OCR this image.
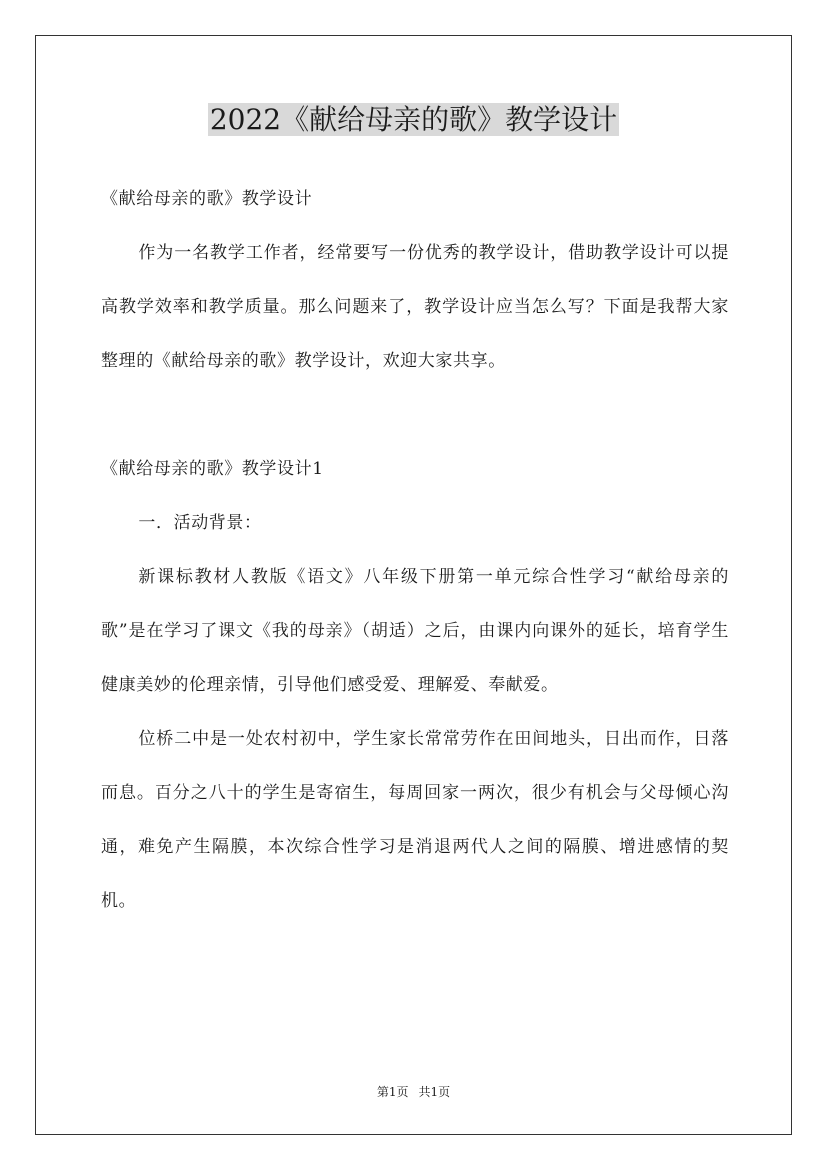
2022《献给母亲的歌》教学设计

《献给母亲的歌》教学设计

作为一名教学工作者，经常要写一份优秀的教学设计，借助教学设计可以提高教学效率和教学质量。那么问题来了，教学设计应当怎么写？下面是我帮大家整理的《献给母亲的歌》教学设计，欢迎大家共享。

《献给母亲的歌》教学设计1

一．活动背景：

新课标教材人教版《语文》八年级下册第一单元综合性学习“献给母亲的歌”是在学习了课文《我的母亲》（胡适）之后，由课内向课外的延长，培育学生健康美妙的伦理亲情，引导他们感受爱、理解爱、奉献爱。

位桥二中是一处农村初中，学生家长常常劳作在田间地头，日出而作，日落而息。百分之八十的学生是寄宿生，每周回家一两次，很少有机会与父母倾心沟通，难免产生隔膜，本次综合性学习是消退两代人之间的隔膜、增进感情的契机。

第1页 共1页
